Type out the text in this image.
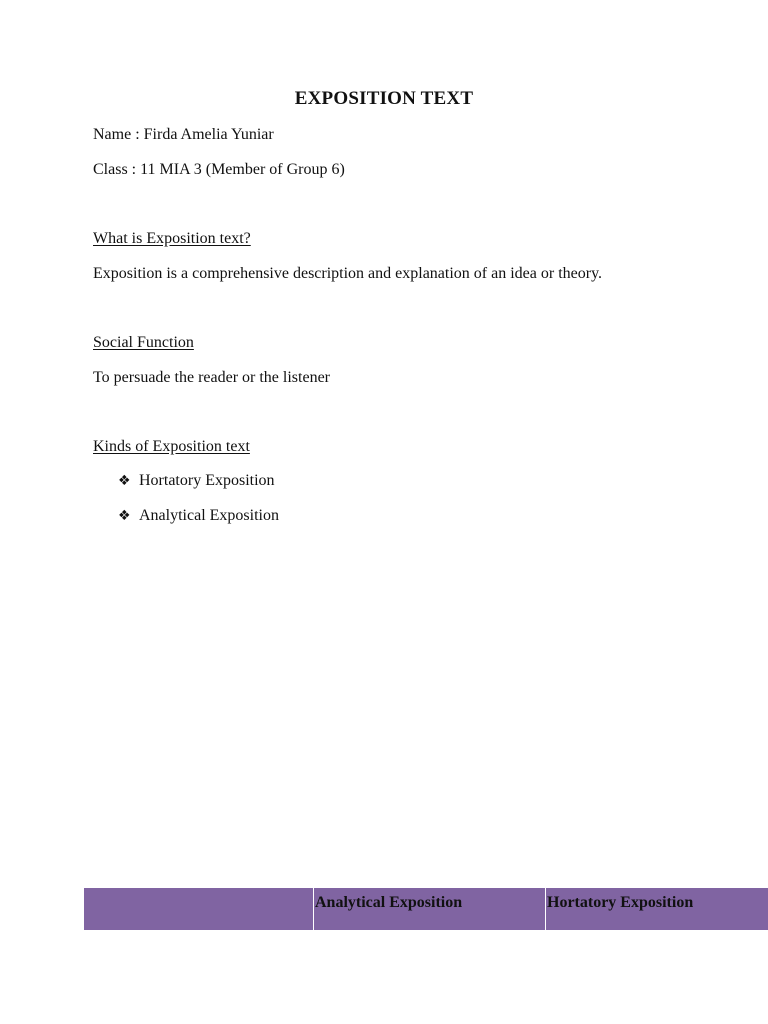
EXPOSITION TEXT
Name : Firda Amelia Yuniar
Class : 11 MIA 3 (Member of Group 6)
What is Exposition text?
Exposition is a comprehensive description and explanation of an idea or theory.
Social Function
To persuade the reader or the listener
Kinds of Exposition text
❖ Hortatory Exposition
❖ Analytical Exposition
Analytical Exposition	Hortatory Exposition
